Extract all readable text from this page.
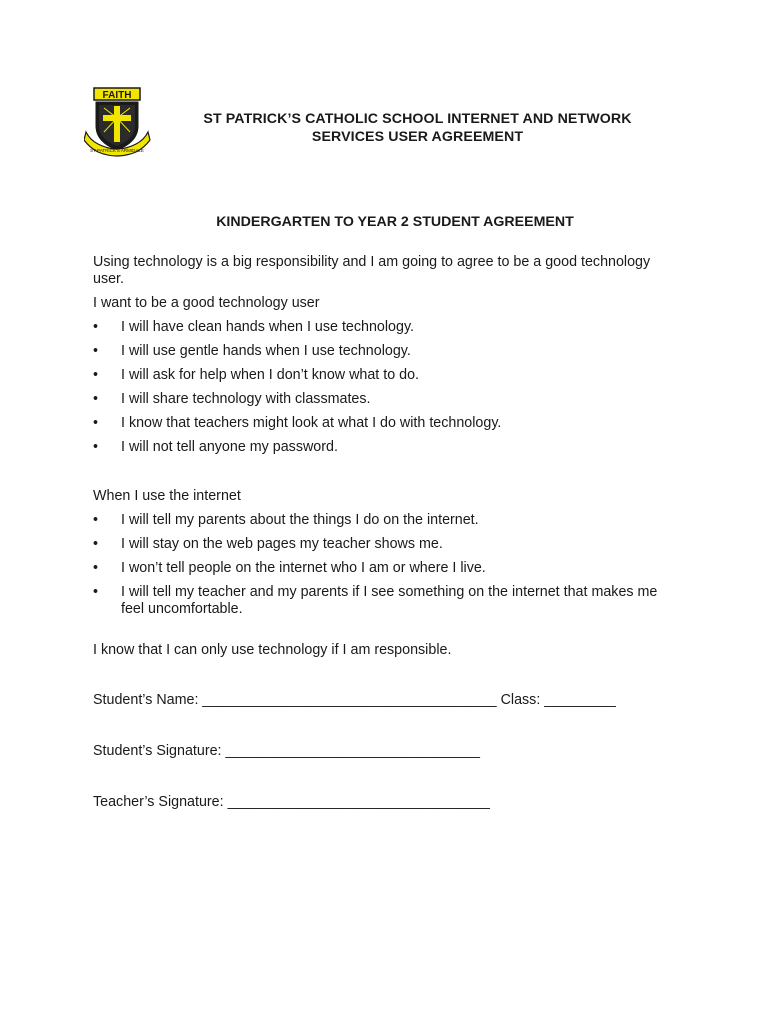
FAITH
ST PATRICK’S ARMIDALE
ST PATRICK’S CATHOLIC SCHOOL INTERNET AND NETWORK
SERVICES USER AGREEMENT
KINDERGARTEN TO YEAR 2 STUDENT AGREEMENT
Using technology is a big responsibility and I am going to agree to be a good technology user.
I want to be a good technology user
•	I will have clean hands when I use technology.
•	I will use gentle hands when I use technology.
•	I will ask for help when I don’t know what to do.
•	I will share technology with classmates.
•	I know that teachers might look at what I do with technology.
•	I will not tell anyone my password.
When I use the internet
•	I will tell my parents about the things I do on the internet.
•	I will stay on the web pages my teacher shows me.
•	I won’t tell people on the internet who I am or where I live.
•	I will tell my teacher and my parents if I see something on the internet that makes me feel uncomfortable.
I know that I can only use technology if I am responsible.
Student’s Name: _____________________________________ Class: _________
Student’s Signature: ________________________________
Teacher’s Signature: _________________________________
